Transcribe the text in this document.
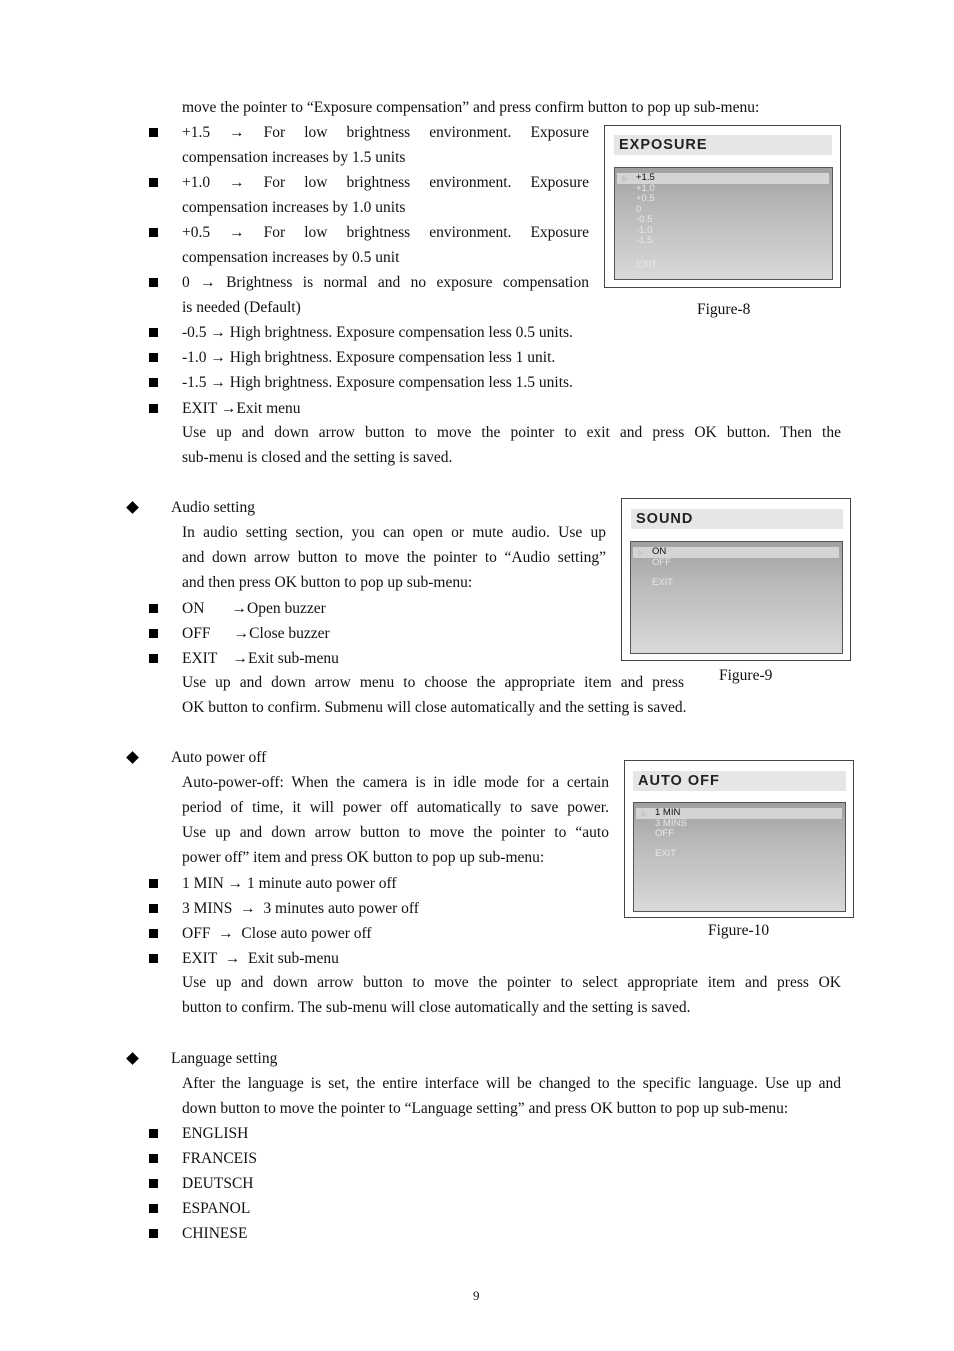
move the pointer to “Exposure compensation” and press confirm button to pop up sub-menu:
+1.5 → For low brightness environment. Exposure
compensation increases by 1.5 units
+1.0 → For low brightness environment. Exposure
compensation increases by 1.0 units
+0.5 → For low brightness environment. Exposure
compensation increases by 0.5 unit
0 → Brightness is normal and no exposure compensation
is needed (Default)
-0.5 → High brightness. Exposure compensation less 0.5 units.
-1.0 → High brightness. Exposure compensation less 1 unit.
-1.5 → High brightness. Exposure compensation less 1.5 units.
EXIT →Exit menu
Use up and down arrow button to move the pointer to exit and press OK button. Then the
sub-menu is closed and the setting is saved.
EXPOSURE
+1.5
+1.0
+0.5
0
-0.5
-1.0
-1.5
EXIT
Figure-8
Audio setting
In audio setting section, you can open or mute audio. Use up
and down arrow button to move the pointer to “Audio setting”
and then press OK button to pop up sub-menu:
ON       →Open buzzer
OFF      →Close buzzer
EXIT    →Exit sub-menu
Use up and down arrow menu to choose the appropriate item and press
OK button to confirm. Submenu will close automatically and the setting is saved.
SOUND
ON
OFF
EXIT
Figure-9
Auto power off
Auto-power-off: When the camera is in idle mode for a certain
period of time, it will power off automatically to save power.
Use up and down arrow button to move the pointer to “auto
power off” item and press OK button to pop up sub-menu:
1 MIN → 1 minute auto power off
3 MINS  →  3 minutes auto power off
OFF  →  Close auto power off
EXIT  →  Exit sub-menu
Use up and down arrow button to move the pointer to select appropriate item and press OK
button to confirm. The sub-menu will close automatically and the setting is saved.
AUTO OFF
1 MIN
3 MINS
OFF
EXIT
Figure-10
Language setting
After the language is set, the entire interface will be changed to the specific language. Use up and
down button to move the pointer to “Language setting” and press OK button to pop up sub-menu:
ENGLISH
FRANCEIS
DEUTSCH
ESPANOL
CHINESE
9
